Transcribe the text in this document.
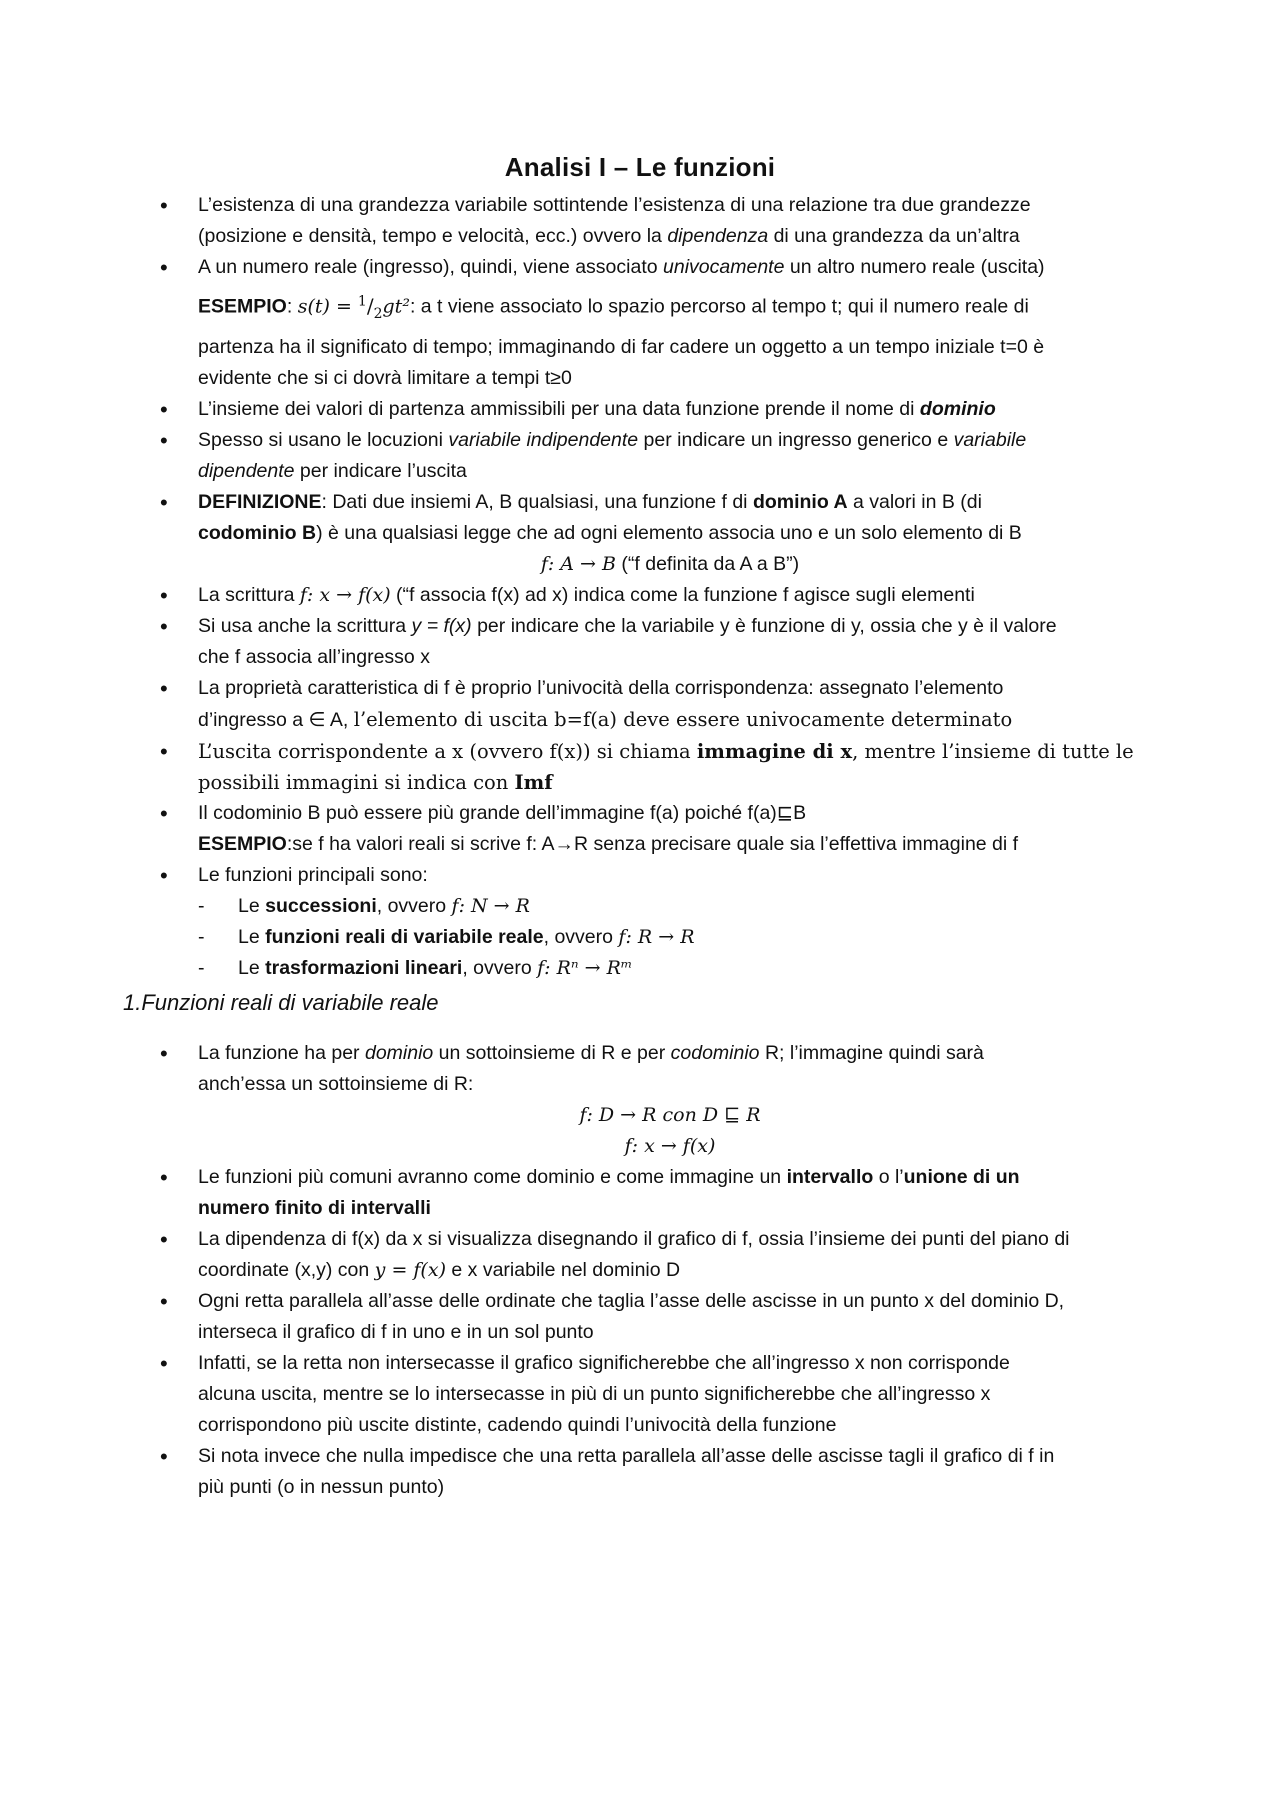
Analisi I – Le funzioni
• L’esistenza di una grandezza variabile sottintende l’esistenza di una relazione tra due grandezze
(posizione e densità, tempo e velocità, ecc.) ovvero la dipendenza di una grandezza da un’altra
• A un numero reale (ingresso), quindi, viene associato univocamente un altro numero reale (uscita)
ESEMPIO: $s(t) = ^1/_2gt^2$: a t viene associato lo spazio percorso al tempo t; qui il numero reale di
partenza ha il significato di tempo; immaginando di far cadere un oggetto a un tempo iniziale t=0 è
evidente che si ci dovrà limitare a tempi t≥0
• L’insieme dei valori di partenza ammissibili per una data funzione prende il nome di dominio
• Spesso si usano le locuzioni variabile indipendente per indicare un ingresso generico e variabile
dipendente per indicare l’uscita
• DEFINIZIONE: Dati due insiemi A, B qualsiasi, una funzione f di dominio A a valori in B (di
codominio B) è una qualsiasi legge che ad ogni elemento associa uno e un solo elemento di B
f: A → B (“f definita da A a B”)
• La scrittura f: x → f(x) (“f associa f(x) ad x) indica come la funzione f agisce sugli elementi
• Si usa anche la scrittura y = f(x) per indicare che la variabile y è funzione di y, ossia che y è il valore
che f associa all’ingresso x
• La proprietà caratteristica di f è proprio l’univocità della corrispondenza: assegnato l’elemento
d’ingresso a ∈ A, l’elemento di uscita b=f(a) deve essere univocamente determinato
• L’uscita corrispondente a x (ovvero f(x)) si chiama immagine di x, mentre l’insieme di tutte le
possibili immagini si indica con Imf
• Il codominio B può essere più grande dell’immagine f(a) poiché f(a)⊑B
ESEMPIO:se f ha valori reali si scrive f: A→R senza precisare quale sia l’effettiva immagine di f
• Le funzioni principali sono:
- Le successioni, ovvero f: N → R
- Le funzioni reali di variabile reale, ovvero f: R → R
- Le trasformazioni lineari, ovvero f: Rⁿ → Rᵐ
1.Funzioni reali di variabile reale
• La funzione ha per dominio un sottoinsieme di R e per codominio R; l’immagine quindi sarà
anch’essa un sottoinsieme di R:
f: D → R con D ⊑ R
f: x → f(x)
• Le funzioni più comuni avranno come dominio e come immagine un intervallo o l’unione di un
numero finito di intervalli
• La dipendenza di f(x) da x si visualizza disegnando il grafico di f, ossia l’insieme dei punti del piano di
coordinate (x,y) con y = f(x) e x variabile nel dominio D
• Ogni retta parallela all’asse delle ordinate che taglia l’asse delle ascisse in un punto x del dominio D,
interseca il grafico di f in uno e in un sol punto
• Infatti, se la retta non intersecasse il grafico significherebbe che all’ingresso x non corrisponde
alcuna uscita, mentre se lo intersecasse in più di un punto significherebbe che all’ingresso x
corrispondono più uscite distinte, cadendo quindi l’univocità della funzione
• Si nota invece che nulla impedisce che una retta parallela all’asse delle ascisse tagli il grafico di f in
più punti (o in nessun punto)
